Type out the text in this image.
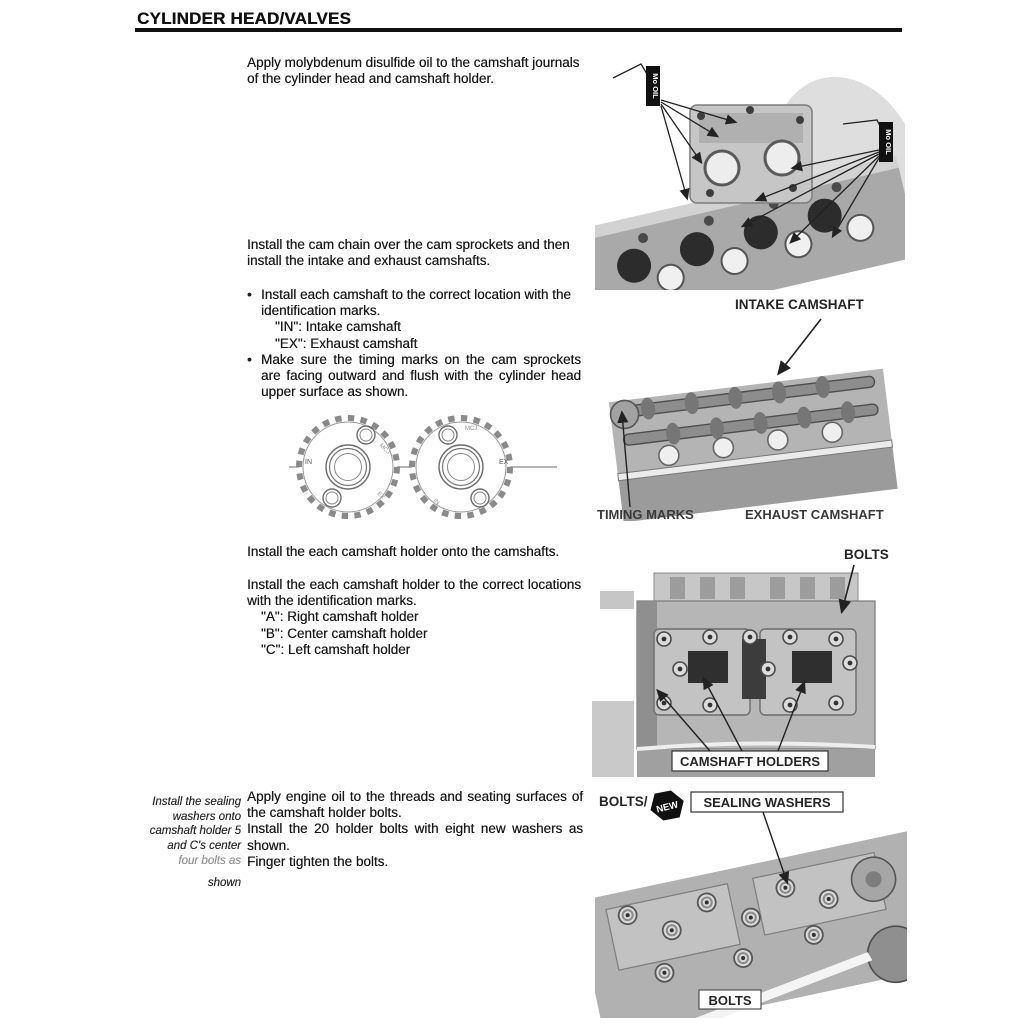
CYLINDER HEAD/VALVES
Apply molybdenum disulfide oil to the camshaft journals of the cylinder head and camshaft holder.
Install the cam chain over the cam sprockets and then install the intake and exhaust camshafts.
• Install each camshaft to the correct location with the identification marks.
"IN": Intake camshaft
"EX": Exhaust camshaft
• Make sure the timing marks on the cam sprockets are facing outward and flush with the cylinder head upper surface as shown.
IN
MCJ
EX
MCJ
EX
IN
Install the each camshaft holder onto the camshafts.
Install the each camshaft holder to the correct locations with the identification marks.
"A": Right camshaft holder
"B": Center camshaft holder
"C": Left camshaft holder
Install the sealing
washers onto
camshaft holder 5
and C's center
four bolts as
shown
Apply engine oil to the threads and seating surfaces of the camshaft holder bolts.
Install the 20 holder bolts with eight new washers as shown.
Finger tighten the bolts.
Mo OIL
Mo OIL
INTAKE CAMSHAFT
TIMING MARKS	EXHAUST CAMSHAFT
BOLTS
CAMSHAFT HOLDERS
BOLTS/ NEW SEALING WASHERS
BOLTS
